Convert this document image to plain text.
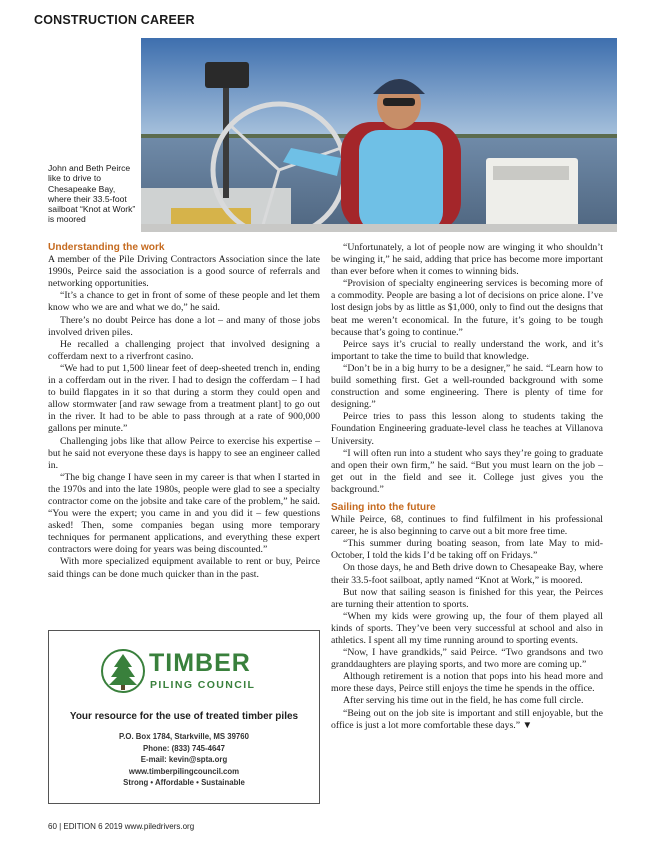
CONSTRUCTION CAREER
John and Beth Peirce like to drive to Chesapeake Bay, where their 33.5-foot sailboat “Knot at Work” is moored
Understanding the work

A member of the Pile Driving Contractors Association since the late 1990s, Peirce said the association is a good source of referrals and networking opportunities.

“It’s a chance to get in front of some of these people and let them know who we are and what we do,” he said.

There’s no doubt Peirce has done a lot – and many of those jobs involved driven piles.

He recalled a challenging project that involved designing a cofferdam next to a riverfront casino.

“We had to put 1,500 linear feet of deep-sheeted trench in, ending in a cofferdam out in the river. I had to design the cofferdam – I had to build flapgates in it so that during a storm they could open and allow stormwater [and raw sewage from a treatment plant] to go out in the river. It had to be able to pass through at a rate of 900,000 gallons per minute.”

Challenging jobs like that allow Peirce to exercise his expertise – but he said not everyone these days is happy to see an engineer called in.

“The big change I have seen in my career is that when I started in the 1970s and into the late 1980s, people were glad to see a specialty contractor come on the jobsite and take care of the problem,” he said. “You were the expert; you came in and you did it – few questions asked! Then, some companies began using more temporary techniques for permanent applications, and everything these expert contractors were doing for years was being discounted.”

With more specialized equipment available to rent or buy, Peirce said things can be done much quicker than in the past.

TIMBER
PILING COUNCIL
Your resource for the use of treated timber piles
P.O. Box 1784, Starkville, MS 39760
Phone: (833) 745-4647
E-mail: kevin@spta.org
www.timberpilingcouncil.com
Strong • Affordable • Sustainable

“Unfortunately, a lot of people now are winging it who shouldn’t be winging it,” he said, adding that price has become more important than ever before when it comes to winning bids.

“Provision of specialty engineering services is becoming more of a commodity. People are basing a lot of decisions on price alone. I’ve lost design jobs by as little as $1,000, only to find out the designs that beat me weren’t economical. In the future, it’s going to be tough because that’s going to continue.”

Peirce says it’s crucial to really understand the work, and it’s important to take the time to build that knowledge.

“Don’t be in a big hurry to be a designer,” he said. “Learn how to build something first. Get a well-rounded background with some construction and some engineering. There is plenty of time for designing.”

Peirce tries to pass this lesson along to students taking the Foundation Engineering graduate-level class he teaches at Villanova University.

“I will often run into a student who says they’re going to graduate and open their own firm,” he said. “But you must learn on the job – get out in the field and see it. College just gives you the background.”

Sailing into the future

While Peirce, 68, continues to find fulfilment in his professional career, he is also beginning to carve out a bit more free time.

“This summer during boating season, from late May to mid-October, I told the kids I’d be taking off on Fridays.”

On those days, he and Beth drive down to Chesapeake Bay, where their 33.5-foot sailboat, aptly named “Knot at Work,” is moored.

But now that sailing season is finished for this year, the Peirces are turning their attention to sports.

“When my kids were growing up, the four of them played all kinds of sports. They’ve been very successful at school and also in athletics. I spent all my time running around to sporting events.

“Now, I have grandkids,” said Peirce. “Two grandsons and two granddaughters are playing sports, and two more are coming up.”

Although retirement is a notion that pops into his head more and more these days, Peirce still enjoys the time he spends in the office.

After serving his time out in the field, he has come full circle.

“Being out on the job site is important and still enjoyable, but the office is just a lot more comfortable these days.” ▼

60 | EDITION 6 2019 www.piledrivers.org
